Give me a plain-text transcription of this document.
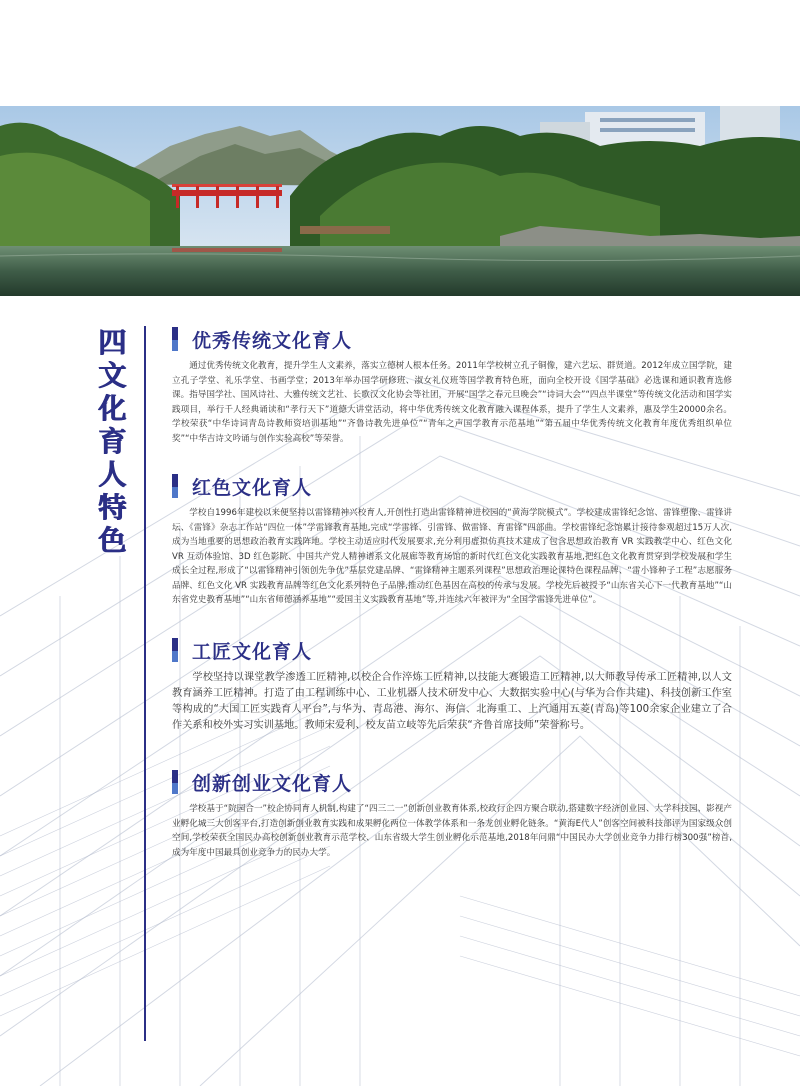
四
文
化
育
人
特
色
优秀传统文化育人

通过优秀传统文化教育，提升学生人文素养，落实立德树人根本任务。2011年学校树立孔子铜像，建六艺坛、群贤道。2012年成立国学院，建立孔子学堂、礼乐学堂、书画学堂；2013年举办国学研修班、淑女礼仪班等国学教育特色班，面向全校开设《国学基础》必选课和通识教育选修课。指导国学社、国风诗社、大雅传统文艺社、长歌汉文化协会等社团，开展“国学之春元旦晚会”“诗词大会”“四点半课堂”等传统文化活动和国学实践项目，举行千人经典诵读和“孝行天下”道德大讲堂活动，将中华优秀传统文化教育融入课程体系，提升了学生人文素养，惠及学生20000余名。学校荣获“中华诗词青岛诗教师资培训基地”“齐鲁诗教先进单位”“青年之声国学教育示范基地”“第五届中华优秀传统文化教育年度优秀组织单位奖”“中华吉诗文吟诵与创作实验高校”等荣誉。

红色文化育人

学校自1996年建校以来便坚持以雷锋精神兴校育人,开创性打造出雷锋精神进校园的“黄海学院模式”。学校建成雷锋纪念馆、雷锋塑像、雷锋讲坛、《雷锋》杂志工作站“四位一体”学雷锋教育基地,完成“学雷锋、引雷锋、做雷锋、育雷锋”四部曲。学校雷锋纪念馆累计接待参观超过15万人次,成为当地重要的思想政治教育实践阵地。学校主动适应时代发展要求,充分利用虚拟仿真技术建成了包含思想政治教育 VR 实践教学中心、红色文化 VR 互动体验馆、3D 红色影院、中国共产党人精神谱系文化展廊等教育场馆的新时代红色文化实践教育基地,把红色文化教育贯穿到学校发展和学生成长全过程,形成了“以雷锋精神引领创先争优”基层党建品牌、“雷锋精神主题系列课程”思想政治理论课特色课程品牌、“雷小锋种子工程”志愿服务品牌、红色文化 VR 实践教育品牌等红色文化系列特色子品牌,推动红色基因在高校的传承与发展。学校先后被授予“山东省关心下一代教育基地”“山东省党史教育基地”“山东省师德涵养基地”“爱国主义实践教育基地”等,并连续六年被评为“全国学雷锋先进单位”。

工匠文化育人

学校坚持以课堂教学渗透工匠精神,以校企合作淬炼工匠精神,以技能大赛锻造工匠精神,以大师教导传承工匠精神,以人文教育涵养工匠精神。打造了由工程训练中心、工业机器人技术研发中心、大数据实验中心(与华为合作共建)、科技创新工作室等构成的“大国工匠实践育人平台”,与华为、青岛港、海尔、海信、北海重工、上汽通用五菱(青岛)等100余家企业建立了合作关系和校外实习实训基地。教师宋爱利、校友苗立岐等先后荣获“齐鲁首席技师”荣誉称号。

创新创业文化育人

学校基于“院园合一”校企协同育人机制,构建了“四三二一”创新创业教育体系,校政行企四方聚合联动,搭建数字经济创业园、大学科技园、影视产业孵化城三大创客平台,打造创新创业教育实践和成果孵化两位一体教学体系和一条龙创业孵化链条。“黄海E代人”创客空间被科技部评为国家级众创空间,学校荣获全国民办高校创新创业教育示范学校、山东省级大学生创业孵化示范基地,2018年问鼎“中国民办大学创业竞争力排行榜300强”榜首,成为年度中国最具创业竞争力的民办大学。
